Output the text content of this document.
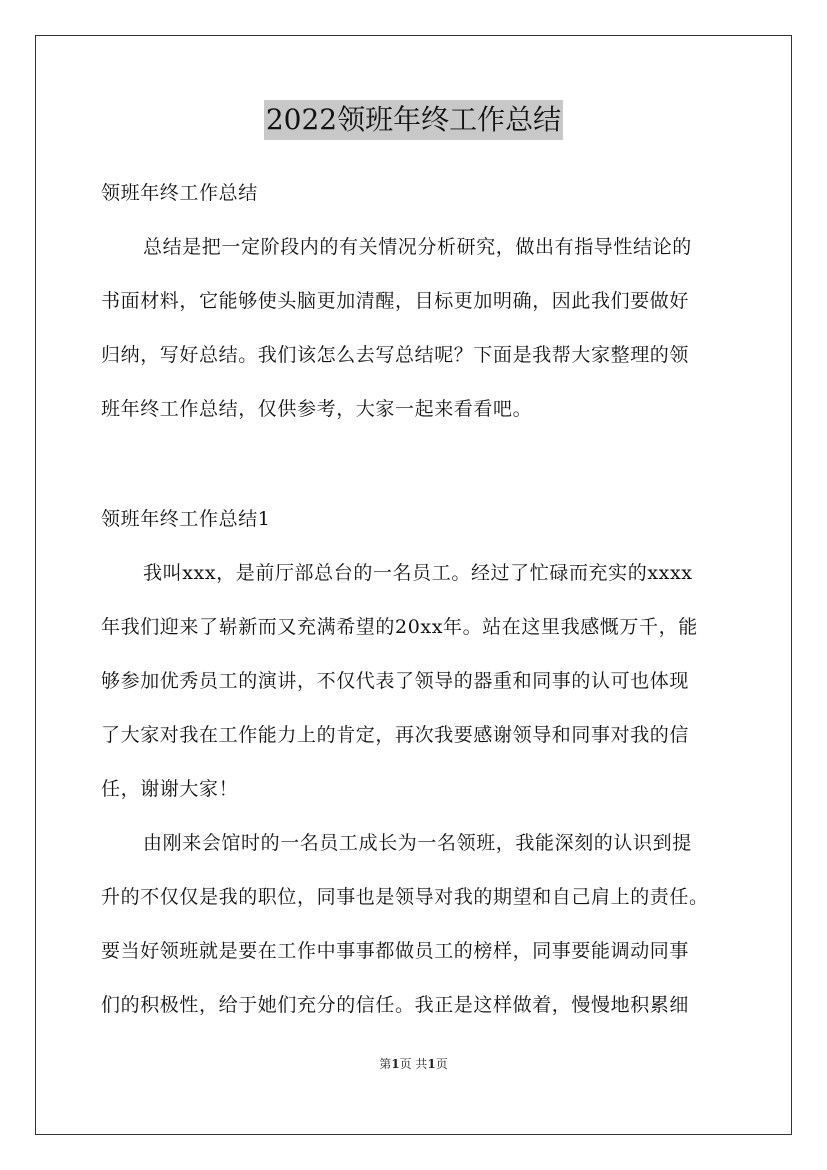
2022领班年终工作总结
领班年终工作总结
总结是把一定阶段内的有关情况分析研究，做出有指导性结论的
书面材料，它能够使头脑更加清醒，目标更加明确，因此我们要做好
归纳，写好总结。我们该怎么去写总结呢？下面是我帮大家整理的领
班年终工作总结，仅供参考，大家一起来看看吧。
领班年终工作总结1
我叫xxx，是前厅部总台的一名员工。经过了忙碌而充实的xxxx
年我们迎来了崭新而又充满希望的20xx年。站在这里我感慨万千，能
够参加优秀员工的演讲，不仅代表了领导的器重和同事的认可也体现
了大家对我在工作能力上的肯定，再次我要感谢领导和同事对我的信
任，谢谢大家！
由刚来会馆时的一名员工成长为一名领班，我能深刻的认识到提
升的不仅仅是我的职位，同事也是领导对我的期望和自己肩上的责任。
要当好领班就是要在工作中事事都做员工的榜样，同事要能调动同事
们的积极性，给于她们充分的信任。我正是这样做着，慢慢地积累细
第1页 共1页
